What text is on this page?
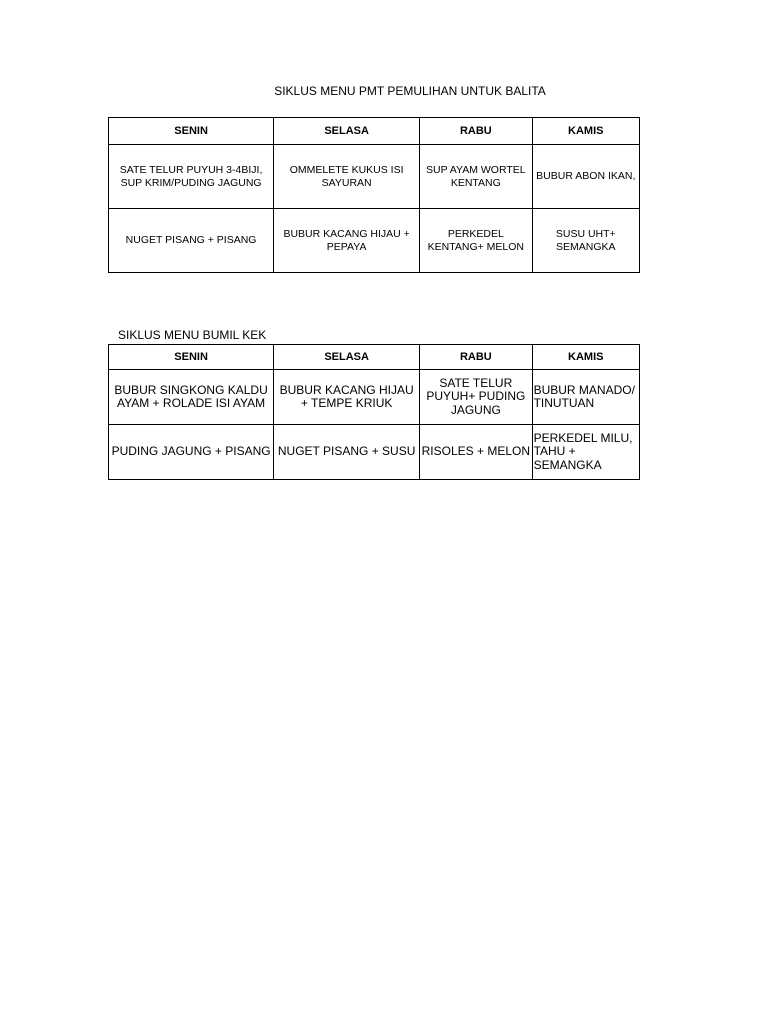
SIKLUS MENU PMT PEMULIHAN UNTUK BALITA
SENIN	SELASA	RABU	KAMIS
SATE TELUR PUYUH 3-4BIJI, SUP KRIM/PUDING JAGUNG	OMMELETE KUKUS ISI SAYURAN	SUP AYAM WORTEL KENTANG	BUBUR ABON IKAN,
NUGET PISANG + PISANG	BUBUR KACANG HIJAU + PEPAYA	PERKEDEL KENTANG+ MELON	SUSU UHT+ SEMANGKA
SIKLUS MENU BUMIL KEK
SENIN	SELASA	RABU	KAMIS
BUBUR SINGKONG KALDU AYAM + ROLADE ISI AYAM	BUBUR KACANG HIJAU + TEMPE KRIUK	SATE TELUR PUYUH+ PUDING JAGUNG	BUBUR MANADO/ TINUTUAN
PUDING JAGUNG + PISANG	NUGET PISANG + SUSU	RISOLES + MELON	PERKEDEL MILU, TAHU + SEMANGKA
